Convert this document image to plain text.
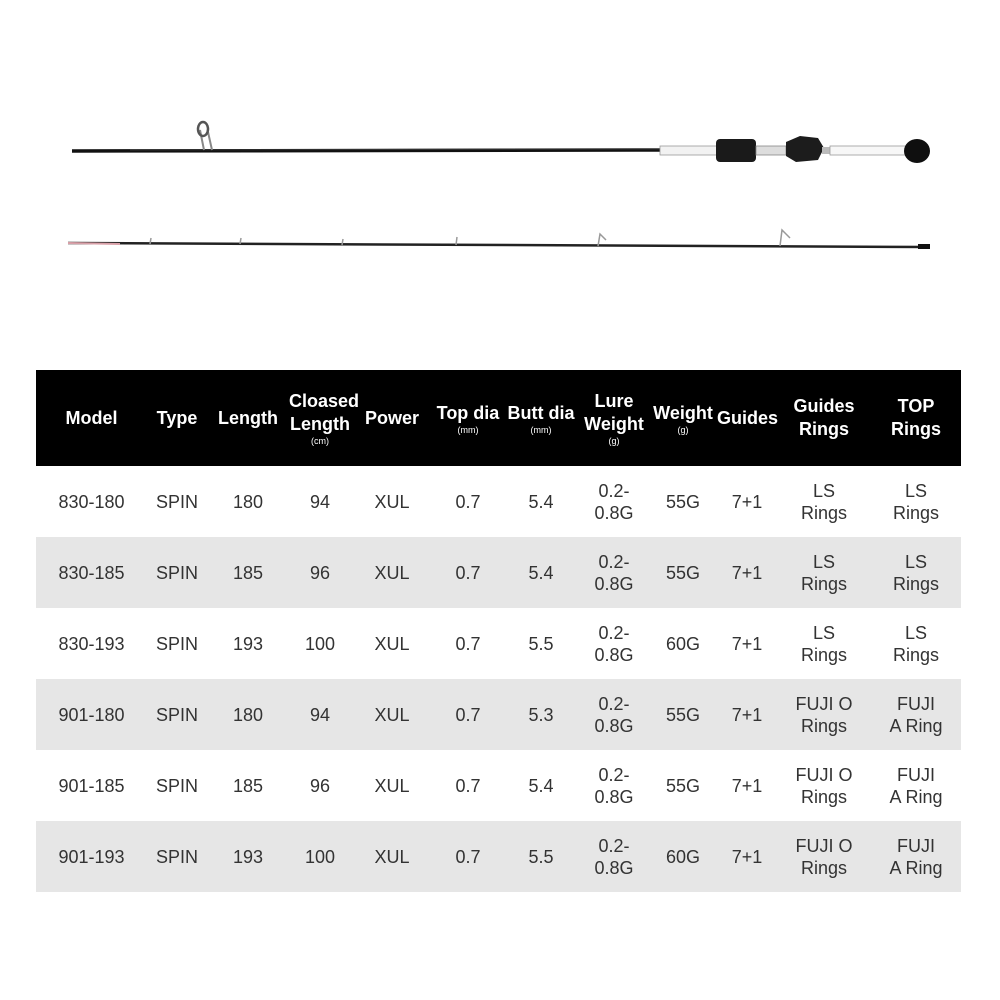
Model	Type	Length	Cloased
Length
(cm)	Power	Top dia
(mm)	Butt dia
(mm)	Lure
Weight
(g)	Weight
(g)	Guides	Guides
Rings	TOP
Rings

830-180	SPIN	180	94	XUL	0.7	5.4	0.2-0.8G	55G	7+1	LS
Rings	LS
Rings

830-185	SPIN	185	96	XUL	0.7	5.4	0.2-0.8G	55G	7+1	LS
Rings	LS
Rings

830-193	SPIN	193	100	XUL	0.7	5.5	0.2-0.8G	60G	7+1	LS
Rings	LS
Rings

901-180	SPIN	180	94	XUL	0.7	5.3	0.2-0.8G	55G	7+1	FUJI O
Rings	FUJI
A Ring

901-185	SPIN	185	96	XUL	0.7	5.4	0.2-0.8G	55G	7+1	FUJI O
Rings	FUJI
A Ring

901-193	SPIN	193	100	XUL	0.7	5.5	0.2-0.8G	60G	7+1	FUJI O
Rings	FUJI
A Ring
